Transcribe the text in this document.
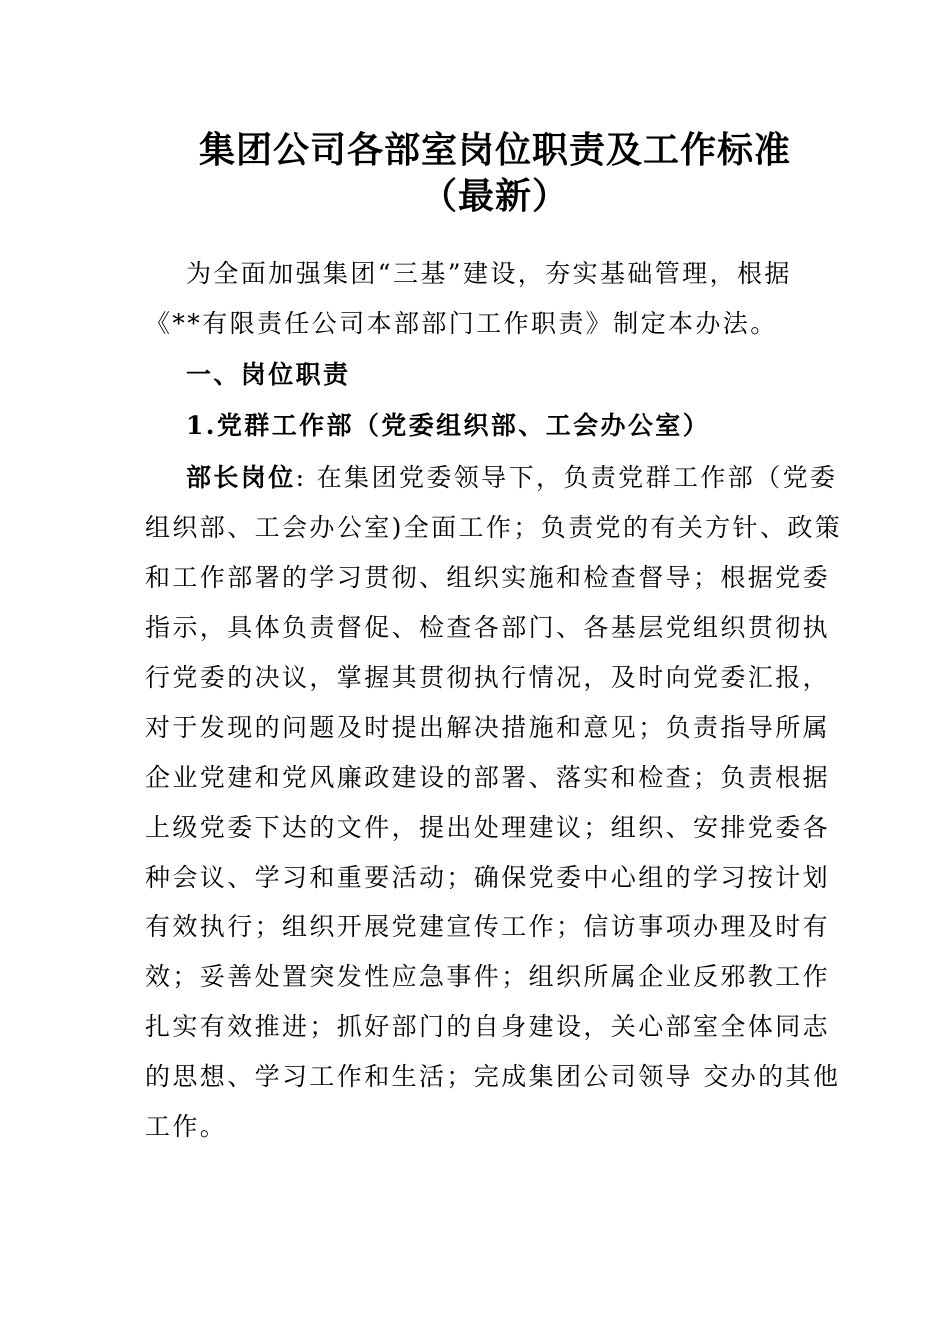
集团公司各部室岗位职责及工作标准
（最新）
为全面加强集团“三基”建设，夯实基础管理，根据
《**有限责任公司本部部门工作职责》制定本办法。
一、岗位职责
1.党群工作部（党委组织部、工会办公室）
部长岗位: 在集团党委领导下，负责党群工作部（党委
组织部、工会办公室)全面工作；负责党的有关方针、政策
和工作部署的学习贯彻、组织实施和检查督导；根据党委
指示，具体负责督促、检查各部门、各基层党组织贯彻执
行党委的决议，掌握其贯彻执行情况，及时向党委汇报，
对于发现的问题及时提出解决措施和意见；负责指导所属
企业党建和党风廉政建设的部署、落实和检查；负责根据
上级党委下达的文件，提出处理建议；组织、安排党委各
种会议、学习和重要活动；确保党委中心组的学习按计划
有效执行；组织开展党建宣传工作；信访事项办理及时有
效；妥善处置突发性应急事件；组织所属企业反邪教工作
扎实有效推进；抓好部门的自身建设，关心部室全体同志
的思想、学习工作和生活；完成集团公司领导 交办的其他
工作。
